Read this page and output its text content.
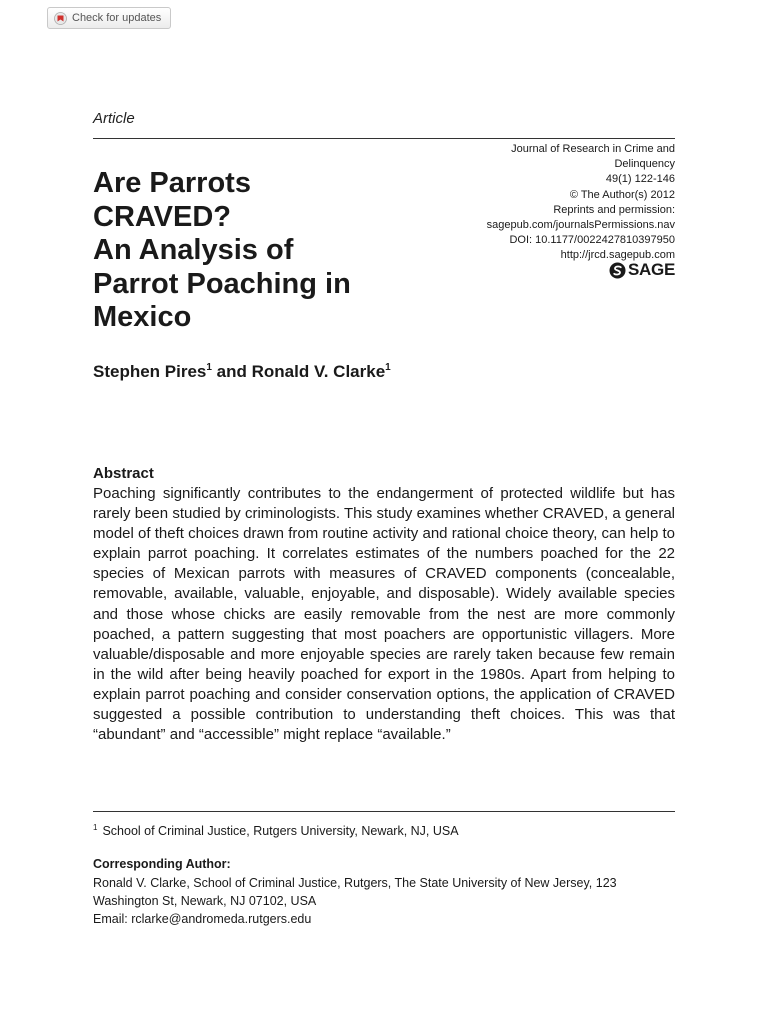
Check for updates
Article
Are Parrots
CRAVED?
An Analysis of
Parrot Poaching in
Mexico
Journal of Research in Crime and
Delinquency
49(1) 122-146
© The Author(s) 2012
Reprints and permission:
sagepub.com/journalsPermissions.nav
DOI: 10.1177/0022427810397950
http://jrcd.sagepub.com
SAGE
Stephen Pires$^1$ and Ronald V. Clarke$^1$
Abstract

Poaching significantly contributes to the endangerment of protected wildlife but has rarely been studied by criminologists. This study examines whether CRAVED, a general model of theft choices drawn from routine activity and rational choice theory, can help to explain parrot poaching. It correlates estimates of the numbers poached for the 22 species of Mexican parrots with measures of CRAVED components (concealable, removable, available, valuable, enjoyable, and disposable). Widely available species and those whose chicks are easily removable from the nest are more commonly poached, a pattern suggesting that most poachers are opportunistic villagers. More valuable/disposable and more enjoyable species are rarely taken because few remain in the wild after being heavily poached for export in the 1980s. Apart from helping to explain parrot poaching and consider conservation options, the application of CRAVED suggested a possible contribution to understanding theft choices. This was that “abundant” and “accessible” might replace “available.”

$^1$ School of Criminal Justice, Rutgers University, Newark, NJ, USA
Corresponding Author:
Ronald V. Clarke, School of Criminal Justice, Rutgers, The State University of New Jersey, 123
Washington St, Newark, NJ 07102, USA
Email: rclarke@andromeda.rutgers.edu
